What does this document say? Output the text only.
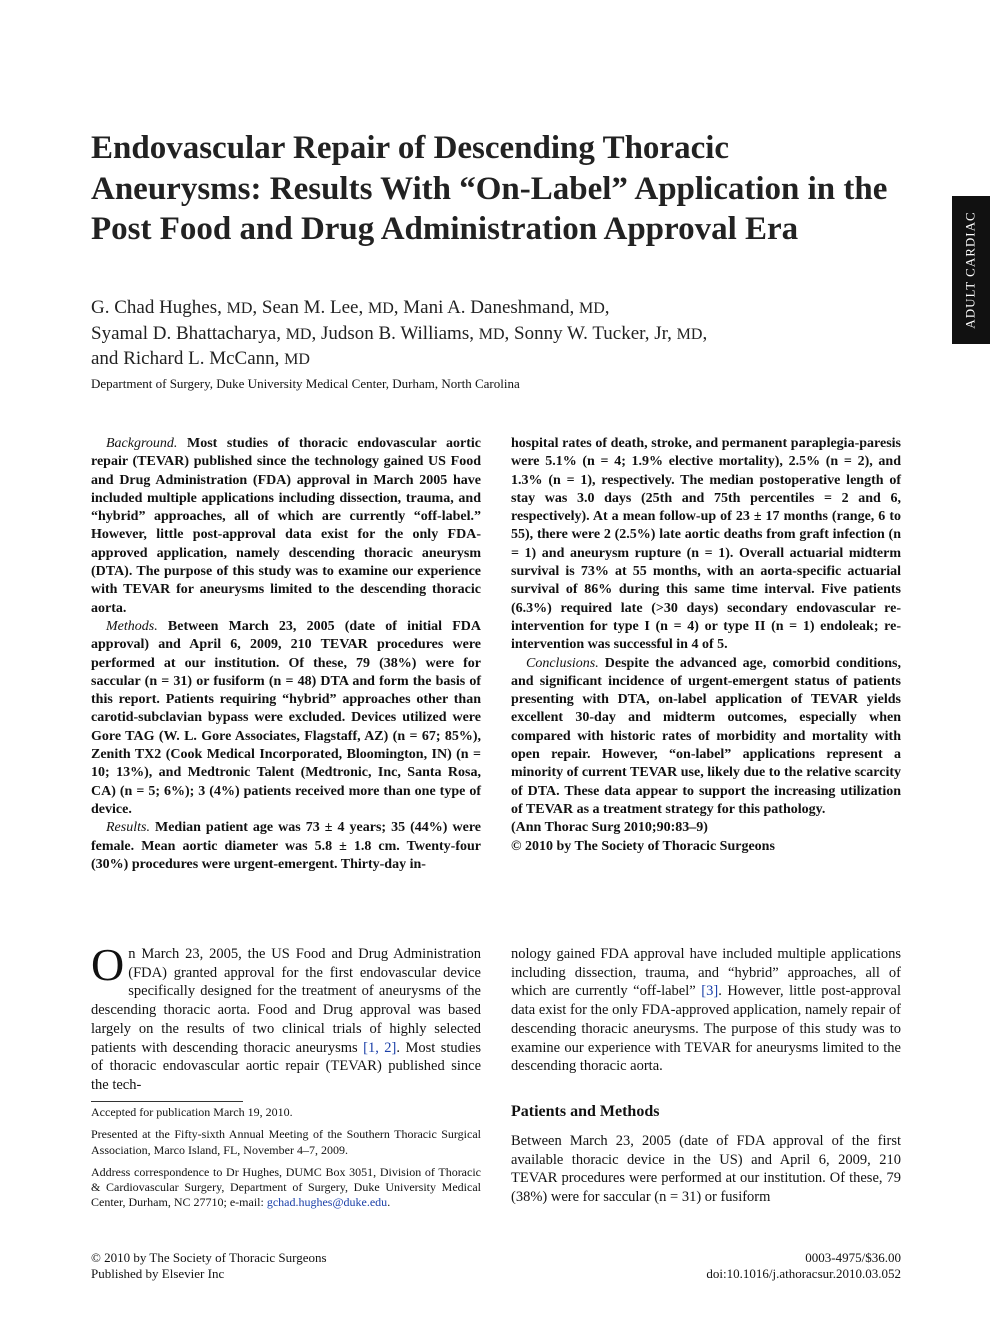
ADULT CARDIAC
Endovascular Repair of Descending Thoracic Aneurysms: Results With “On-Label” Application in the Post Food and Drug Administration Approval Era
G. Chad Hughes, MD, Sean M. Lee, MD, Mani A. Daneshmand, MD,
Syamal D. Bhattacharya, MD, Judson B. Williams, MD, Sonny W. Tucker, Jr, MD,
and Richard L. McCann, MD
Department of Surgery, Duke University Medical Center, Durham, North Carolina

Background. Most studies of thoracic endovascular aortic repair (TEVAR) published since the technology gained US Food and Drug Administration (FDA) approval in March 2005 have included multiple applications including dissection, trauma, and “hybrid” approaches, all of which are currently “off-label.” However, little post-approval data exist for the only FDA-approved application, namely descending thoracic aneurysm (DTA). The purpose of this study was to examine our experience with TEVAR for aneurysms limited to the descending thoracic aorta.

Methods. Between March 23, 2005 (date of initial FDA approval) and April 6, 2009, 210 TEVAR procedures were performed at our institution. Of these, 79 (38%) were for saccular (n = 31) or fusiform (n = 48) DTA and form the basis of this report. Patients requiring “hybrid” approaches other than carotid-subclavian bypass were excluded. Devices utilized were Gore TAG (W. L. Gore Associates, Flagstaff, AZ) (n = 67; 85%), Zenith TX2 (Cook Medical Incorporated, Bloomington, IN) (n = 10; 13%), and Medtronic Talent (Medtronic, Inc, Santa Rosa, CA) (n = 5; 6%); 3 (4%) patients received more than one type of device.

Results. Median patient age was 73 ± 4 years; 35 (44%) were female. Mean aortic diameter was 5.8 ± 1.8 cm. Twenty-four (30%) procedures were urgent-emergent. Thirty-day in-

hospital rates of death, stroke, and permanent paraplegia-paresis were 5.1% (n = 4; 1.9% elective mortality), 2.5% (n = 2), and 1.3% (n = 1), respectively. The median postoperative length of stay was 3.0 days (25th and 75th percentiles = 2 and 6, respectively). At a mean follow-up of 23 ± 17 months (range, 6 to 55), there were 2 (2.5%) late aortic deaths from graft infection (n = 1) and aneurysm rupture (n = 1). Overall actuarial midterm survival is 73% at 55 months, with an aorta-specific actuarial survival of 86% during this same time interval. Five patients (6.3%) required late (>30 days) secondary endovascular re-intervention for type I (n = 4) or type II (n = 1) endoleak; re-intervention was successful in 4 of 5.

Conclusions. Despite the advanced age, comorbid conditions, and significant incidence of urgent-emergent status of patients presenting with DTA, on-label application of TEVAR yields excellent 30-day and midterm outcomes, especially when compared with historic rates of morbidity and mortality with open repair. However, “on-label” applications represent a minority of current TEVAR use, likely due to the relative scarcity of DTA. These data appear to support the increasing utilization of TEVAR as a treatment strategy for this pathology.

(Ann Thorac Surg 2010;90:83–9)

© 2010 by The Society of Thoracic Surgeons

On March 23, 2005, the US Food and Drug Administration (FDA) granted approval for the first endovascular device specifically designed for the treatment of aneurysms of the descending thoracic aorta. Food and Drug approval was based largely on the results of two clinical trials of highly selected patients with descending thoracic aneurysms [1, 2]. Most studies of thoracic endovascular aortic repair (TEVAR) published since the tech-

nology gained FDA approval have included multiple applications including dissection, trauma, and “hybrid” approaches, all of which are currently “off-label” [3]. However, little post-approval data exist for the only FDA-approved application, namely repair of descending thoracic aneurysms. The purpose of this study was to examine our experience with TEVAR for aneurysms limited to the descending thoracic aorta.

Patients and Methods

Between March 23, 2005 (date of FDA approval of the first available thoracic device in the US) and April 6, 2009, 210 TEVAR procedures were performed at our institution. Of these, 79 (38%) were for saccular (n = 31) or fusiform

Accepted for publication March 19, 2010.

Presented at the Fifty-sixth Annual Meeting of the Southern Thoracic Surgical Association, Marco Island, FL, November 4–7, 2009.

Address correspondence to Dr Hughes, DUMC Box 3051, Division of Thoracic & Cardiovascular Surgery, Department of Surgery, Duke University Medical Center, Durham, NC 27710; e-mail: gchad.hughes@duke.edu.

© 2010 by The Society of Thoracic Surgeons
Published by Elsevier Inc
0003-4975/$36.00
doi:10.1016/j.athoracsur.2010.03.052
